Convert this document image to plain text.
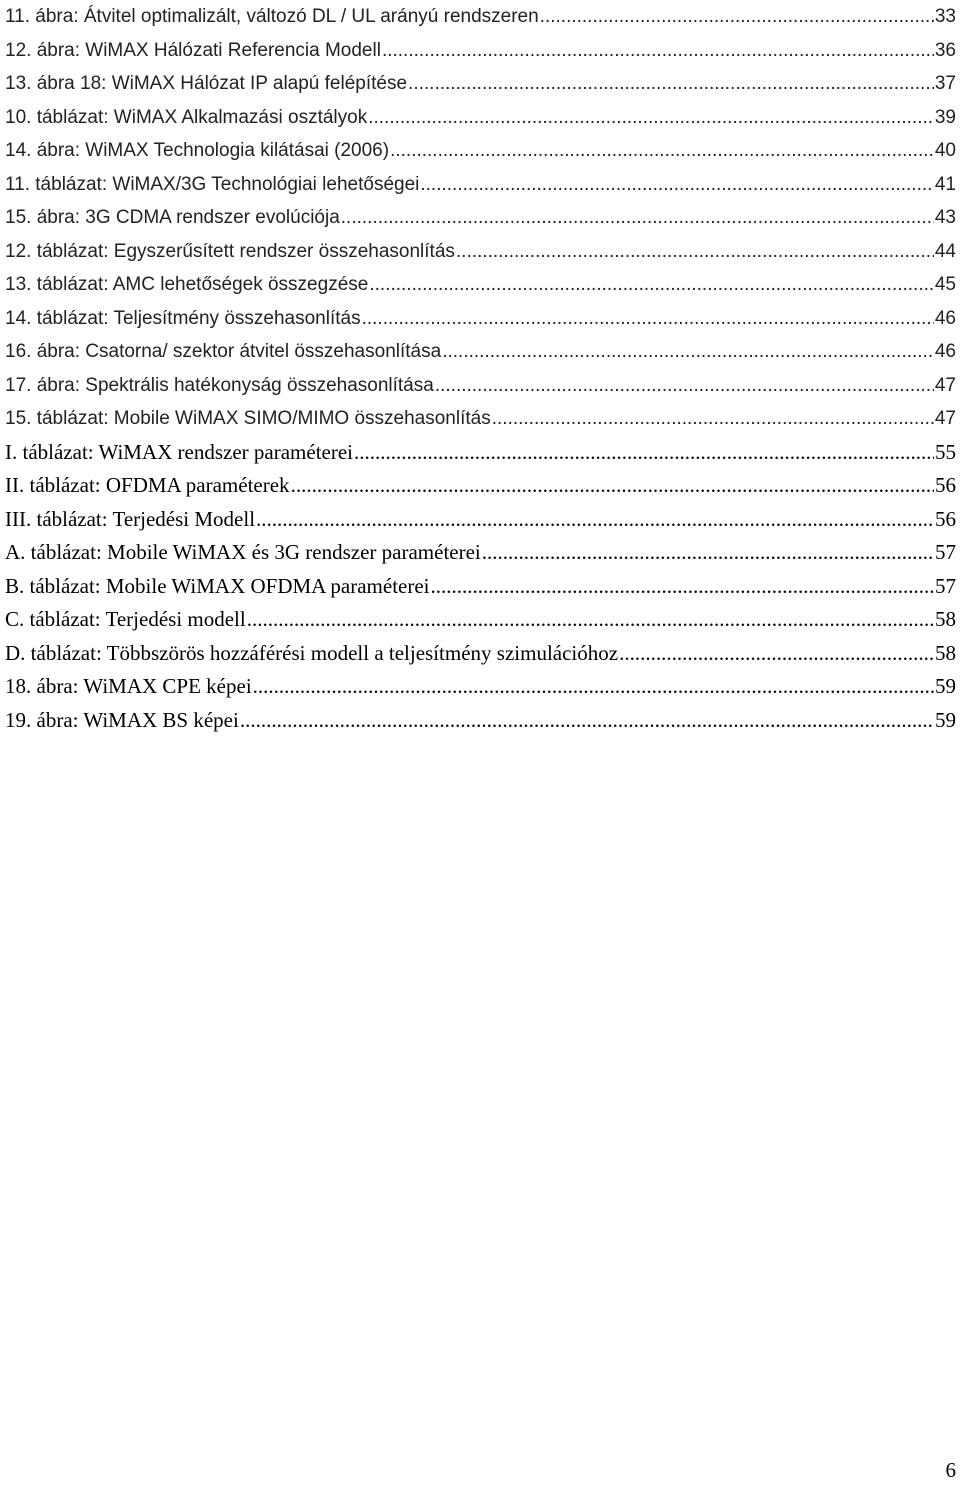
11. ábra: Átvitel optimalizált, változó DL / UL arányú rendszeren .....	33
12. ábra: WiMAX Hálózati Referencia Modell .....	36
13. ábra 18: WiMAX Hálózat IP alapú felépítése .....	37
10. táblázat: WiMAX Alkalmazási osztályok .....	39
14. ábra: WiMAX Technologia kilátásai (2006) .....	40
11. táblázat: WiMAX/3G Technológiai lehetőségei .....	41
15. ábra: 3G CDMA rendszer evolúciója .....	43
12. táblázat: Egyszerűsített rendszer összehasonlítás .....	44
13. táblázat: AMC lehetőségek összegzése .....	45
14. táblázat: Teljesítmény összehasonlítás .....	46
16. ábra: Csatorna/ szektor átvitel összehasonlítása .....	46
17. ábra: Spektrális hatékonyság összehasonlítása .....	47
15. táblázat: Mobile WiMAX SIMO/MIMO összehasonlítás .....	47
I. táblázat: WiMAX rendszer paraméterei .....	55
II. táblázat: OFDMA paraméterek .....	56
III. táblázat: Terjedési Modell .....	56
A. táblázat: Mobile WiMAX és 3G rendszer paraméterei .....	57
B. táblázat: Mobile WiMAX OFDMA paraméterei .....	57
C. táblázat: Terjedési modell .....	58
D. táblázat: Többszörös hozzáférési modell a teljesítmény szimulációhoz .....	58
18. ábra: WiMAX CPE képei .....	59
19. ábra: WiMAX BS képei .....	59
6
